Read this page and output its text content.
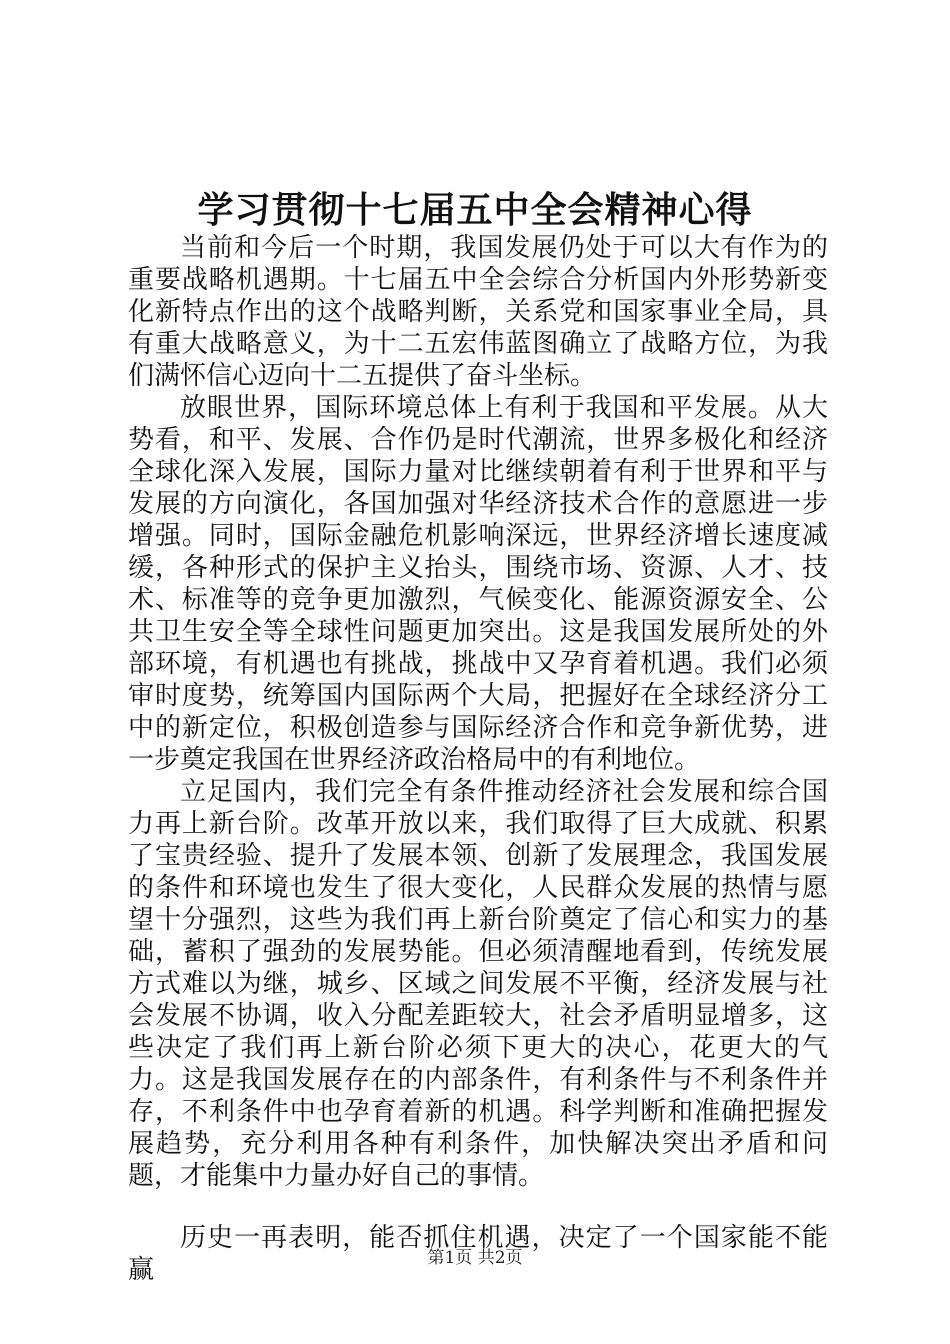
学习贯彻十七届五中全会精神心得

当前和今后一个时期，我国发展仍处于可以大有作为的重要战略机遇期。十七届五中全会综合分析国内外形势新变化新特点作出的这个战略判断，关系党和国家事业全局，具有重大战略意义，为十二五宏伟蓝图确立了战略方位，为我们满怀信心迈向十二五提供了奋斗坐标。

放眼世界，国际环境总体上有利于我国和平发展。从大势看，和平、发展、合作仍是时代潮流，世界多极化和经济全球化深入发展，国际力量对比继续朝着有利于世界和平与发展的方向演化，各国加强对华经济技术合作的意愿进一步增强。同时，国际金融危机影响深远，世界经济增长速度减缓，各种形式的保护主义抬头，围绕市场、资源、人才、技术、标准等的竞争更加激烈，气候变化、能源资源安全、公共卫生安全等全球性问题更加突出。这是我国发展所处的外部环境，有机遇也有挑战，挑战中又孕育着机遇。我们必须审时度势，统筹国内国际两个大局，把握好在全球经济分工中的新定位，积极创造参与国际经济合作和竞争新优势，进一步奠定我国在世界经济政治格局中的有利地位。

立足国内，我们完全有条件推动经济社会发展和综合国力再上新台阶。改革开放以来，我们取得了巨大成就、积累了宝贵经验、提升了发展本领、创新了发展理念，我国发展的条件和环境也发生了很大变化，人民群众发展的热情与愿望十分强烈，这些为我们再上新台阶奠定了信心和实力的基础，蓄积了强劲的发展势能。但必须清醒地看到，传统发展方式难以为继，城乡、区域之间发展不平衡，经济发展与社会发展不协调，收入分配差距较大，社会矛盾明显增多，这些决定了我们再上新台阶必须下更大的决心，花更大的气力。这是我国发展存在的内部条件，有利条件与不利条件并存，不利条件中也孕育着新的机遇。科学判断和准确把握发展趋势，充分利用各种有利条件，加快解决突出矛盾和问题，才能集中力量办好自己的事情。

历史一再表明，能否抓住机遇，决定了一个国家能不能赢	第1页 共2页
